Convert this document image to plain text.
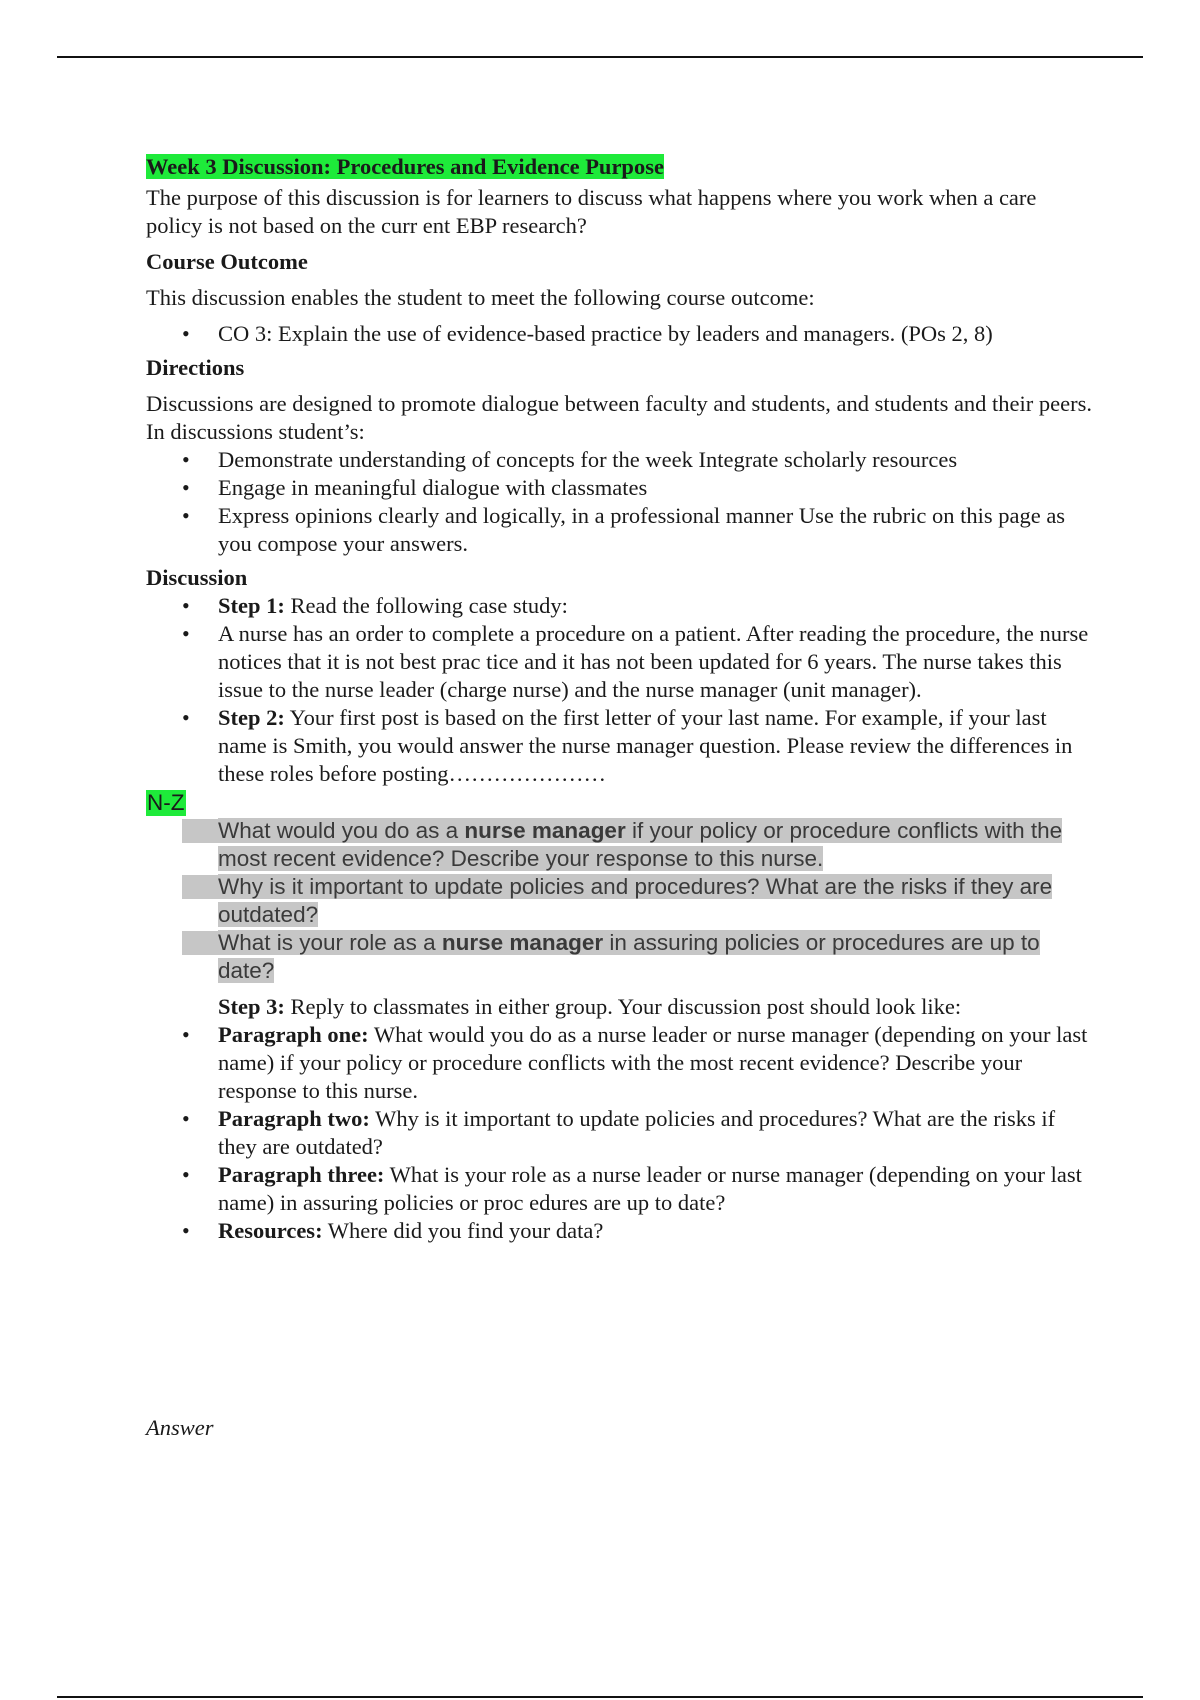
Week 3 Discussion: Procedures and Evidence Purpose

The purpose of this discussion is for learners to discuss what happens where you work when a care policy is not based on the curr ent EBP research?

Course Outcome

This discussion enables the student to meet the following course outcome:

• CO 3: Explain the use of evidence-based practice by leaders and managers. (POs 2, 8)
Directions

Discussions are designed to promote dialogue between faculty and students, and students and their peers. In discussions student’s:

• Demonstrate understanding of concepts for the week Integrate scholarly resources
• Engage in meaningful dialogue with classmates
• Express opinions clearly and logically, in a professional manner Use the rubric on this page as you compose your answers.
Discussion
• Step 1: Read the following case study:
• A nurse has an order to complete a procedure on a patient. After reading the procedure, the nurse notices that it is not best prac tice and it has not been updated for 6 years. The nurse takes this issue to the nurse leader (charge nurse) and the nurse manager (unit manager).
• Step 2: Your first post is based on the first letter of your last name. For example, if your last name is Smith, you would answer the nurse manager question. Please review the differences in these roles before posting…………………
N-Z
• What would you do as a nurse manager if your policy or procedure conflicts with the most recent evidence? Describe your response to this nurse.
• Why is it important to update policies and procedures? What are the risks if they are outdated?
• What is your role as a nurse manager in assuring policies or procedures are up to date?
Step 3: Reply to classmates in either group. Your discussion post should look like:
• Paragraph one: What would you do as a nurse leader or nurse manager (depending on your last name) if your policy or procedure conflicts with the most recent evidence? Describe your response to this nurse.
• Paragraph two: Why is it important to update policies and procedures? What are the risks if they are outdated?
• Paragraph three: What is your role as a nurse leader or nurse manager (depending on your last name) in assuring policies or proc edures are up to date?
• Resources: Where did you find your data?
Answer
